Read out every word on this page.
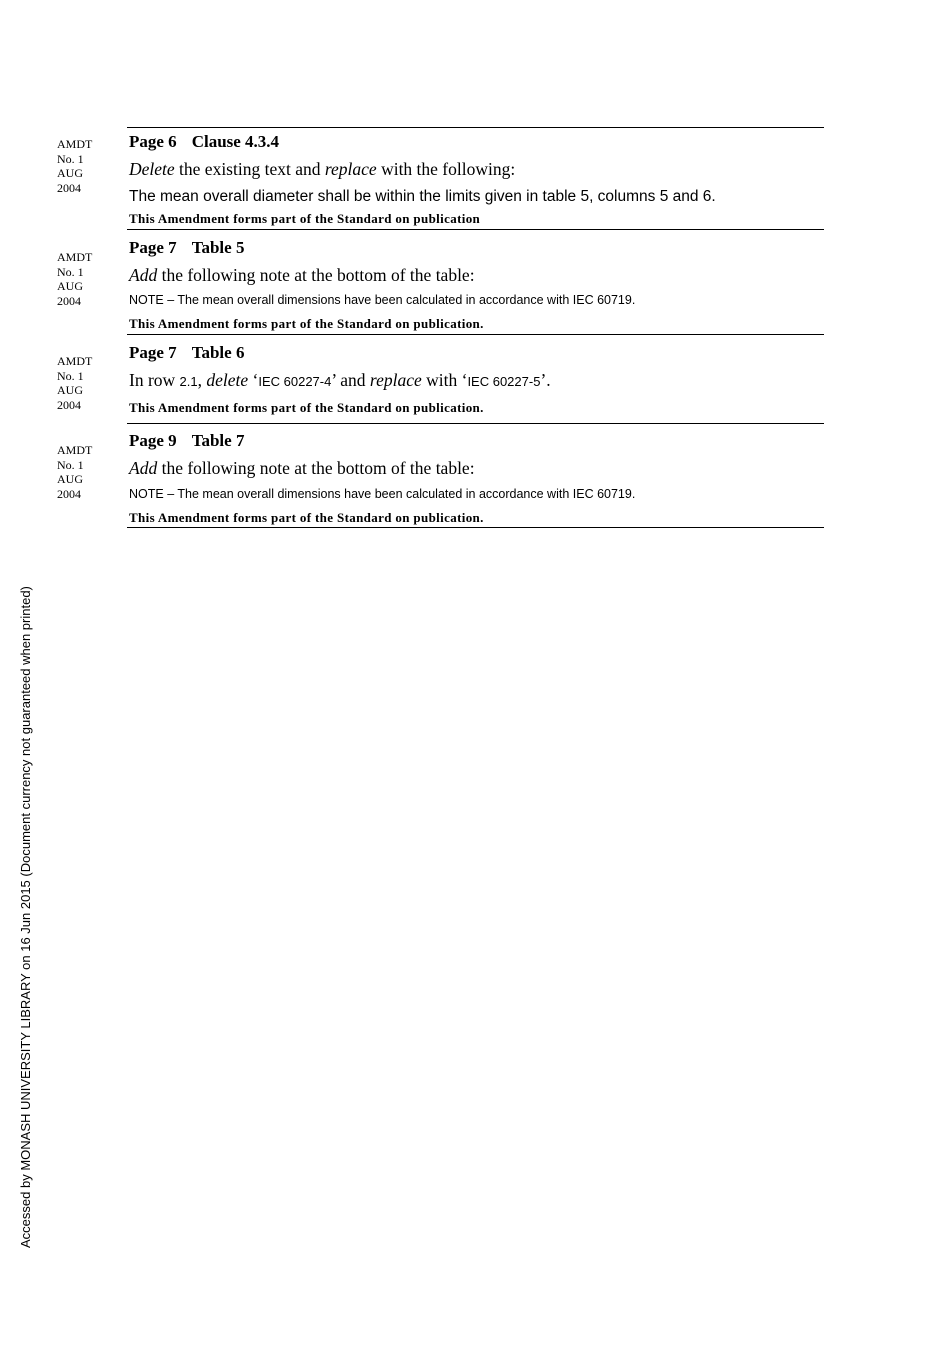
AMDT
No. 1
AUG
2004
Page 6 Clause 4.3.4
Delete the existing text and replace with the following:
The mean overall diameter shall be within the limits given in table 5, columns 5 and 6.
This Amendment forms part of the Standard on publication
AMDT
No. 1
AUG
2004
Page 7 Table 5
Add the following note at the bottom of the table:
NOTE – The mean overall dimensions have been calculated in accordance with IEC 60719.
This Amendment forms part of the Standard on publication.
AMDT
No. 1
AUG
2004
Page 7 Table 6
In row 2.1, delete ‘IEC 60227-4’ and replace with ‘IEC 60227-5’.
This Amendment forms part of the Standard on publication.
AMDT
No. 1
AUG
2004
Page 9 Table 7
Add the following note at the bottom of the table:
NOTE – The mean overall dimensions have been calculated in accordance with IEC 60719.
This Amendment forms part of the Standard on publication.
Accessed by MONASH UNIVERSITY LIBRARY on 16 Jun 2015 (Document currency not guaranteed when printed)
